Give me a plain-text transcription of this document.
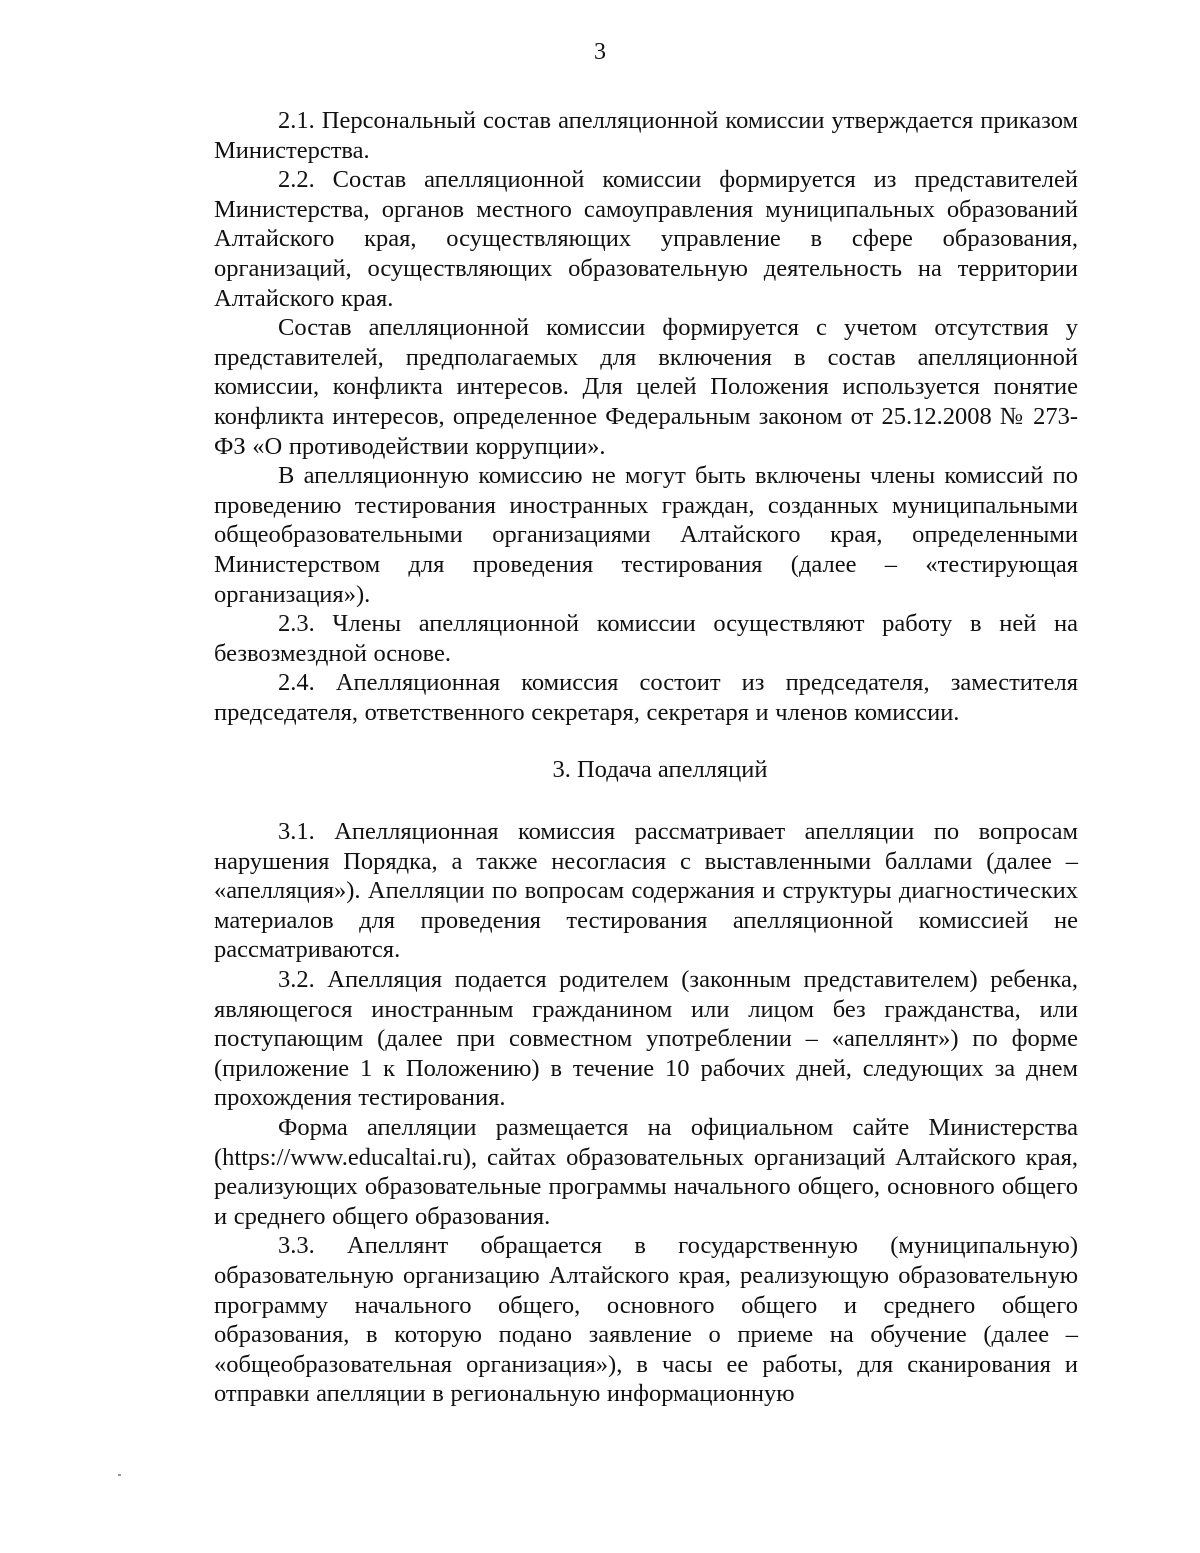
3

2.1. Персональный состав апелляционной комиссии утверждается приказом Министерства.

2.2. Состав апелляционной комиссии формируется из представителей Министерства, органов местного самоуправления муниципальных образований Алтайского края, осуществляющих управление в сфере образования, организаций, осуществляющих образовательную деятельность на территории Алтайского края.

Состав апелляционной комиссии формируется с учетом отсутствия у представителей, предполагаемых для включения в состав апелляционной комиссии, конфликта интересов. Для целей Положения используется понятие конфликта интересов, определенное Федеральным законом от 25.12.2008 № 273-ФЗ «О противодействии коррупции».

В апелляционную комиссию не могут быть включены члены комиссий по проведению тестирования иностранных граждан, созданных муниципальными общеобразовательными организациями Алтайского края, определенными Министерством для проведения тестирования (далее – «тестирующая организация»).

2.3. Члены апелляционной комиссии осуществляют работу в ней на безвозмездной основе.

2.4. Апелляционная комиссия состоит из председателя, заместителя председателя, ответственного секретаря, секретаря и членов комиссии.

3. Подача апелляций

3.1. Апелляционная комиссия рассматривает апелляции по вопросам нарушения Порядка, а также несогласия с выставленными баллами (далее – «апелляция»). Апелляции по вопросам содержания и структуры диагностических материалов для проведения тестирования апелляционной комиссией не рассматриваются.

3.2. Апелляция подается родителем (законным представителем) ребенка, являющегося иностранным гражданином или лицом без гражданства, или поступающим (далее при совместном употреблении – «апеллянт») по форме (приложение 1 к Положению) в течение 10 рабочих дней, следующих за днем прохождения тестирования.

Форма апелляции размещается на официальном сайте Министерства (https://www.educaltai.ru), сайтах образовательных организаций Алтайского края, реализующих образовательные программы начального общего, основного общего и среднего общего образования.

3.3. Апеллянт обращается в государственную (муниципальную) образовательную организацию Алтайского края, реализующую образовательную программу начального общего, основного общего и среднего общего образования, в которую подано заявление о приеме на обучение (далее – «общеобразовательная организация»), в часы ее работы, для сканирования и отправки апелляции в региональную информационную
